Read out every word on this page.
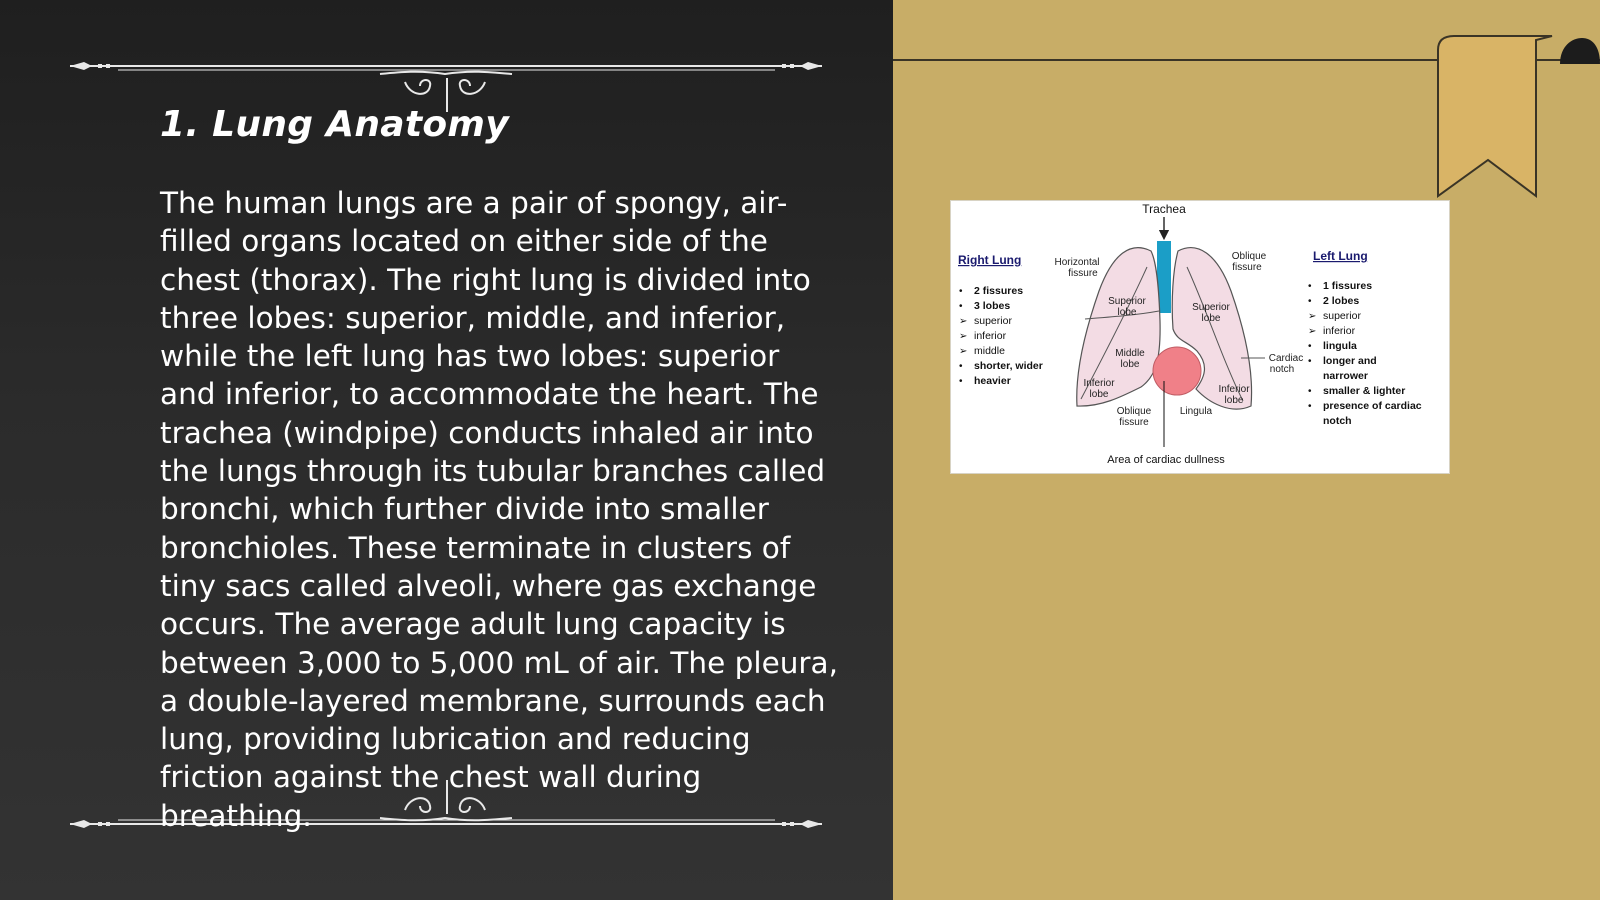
1. Lung Anatomy

The human lungs are a pair of spongy, air-filled organs located on either side of the chest (thorax). The right lung is divided into three lobes: superior, middle, and inferior, while the left lung has two lobes: superior and inferior, to accommodate the heart. The trachea (windpipe) conducts inhaled air into the lungs through its tubular branches called bronchi, which further divide into smaller bronchioles. These terminate in clusters of tiny sacs called alveoli, where gas exchange occurs. The average adult lung capacity is between 3,000 to 5,000 mL of air. The pleura, a double-layered membrane, surrounds each lung, providing lubrication and reducing friction against the chest wall during breathing.

Trachea
Horizontal
fissure
Oblique
fissure
Superior
lobe	Superior
lobe
Middle
lobe
Inferior
lobe	Inferior
lobe
Cardiac
notch
Oblique
fissure
Lingula
Area of cardiac dullness
Right Lung
• 2 fissures
• 3 lobes
➢ superior
➢ inferior
➢ middle
• shorter, wider
• heavier
Left Lung
• 1 fissures
• 2 lobes
➢ superior
➢ inferior
• lingula
• longer and
narrower
• smaller & lighter
• presence of cardiac
notch
